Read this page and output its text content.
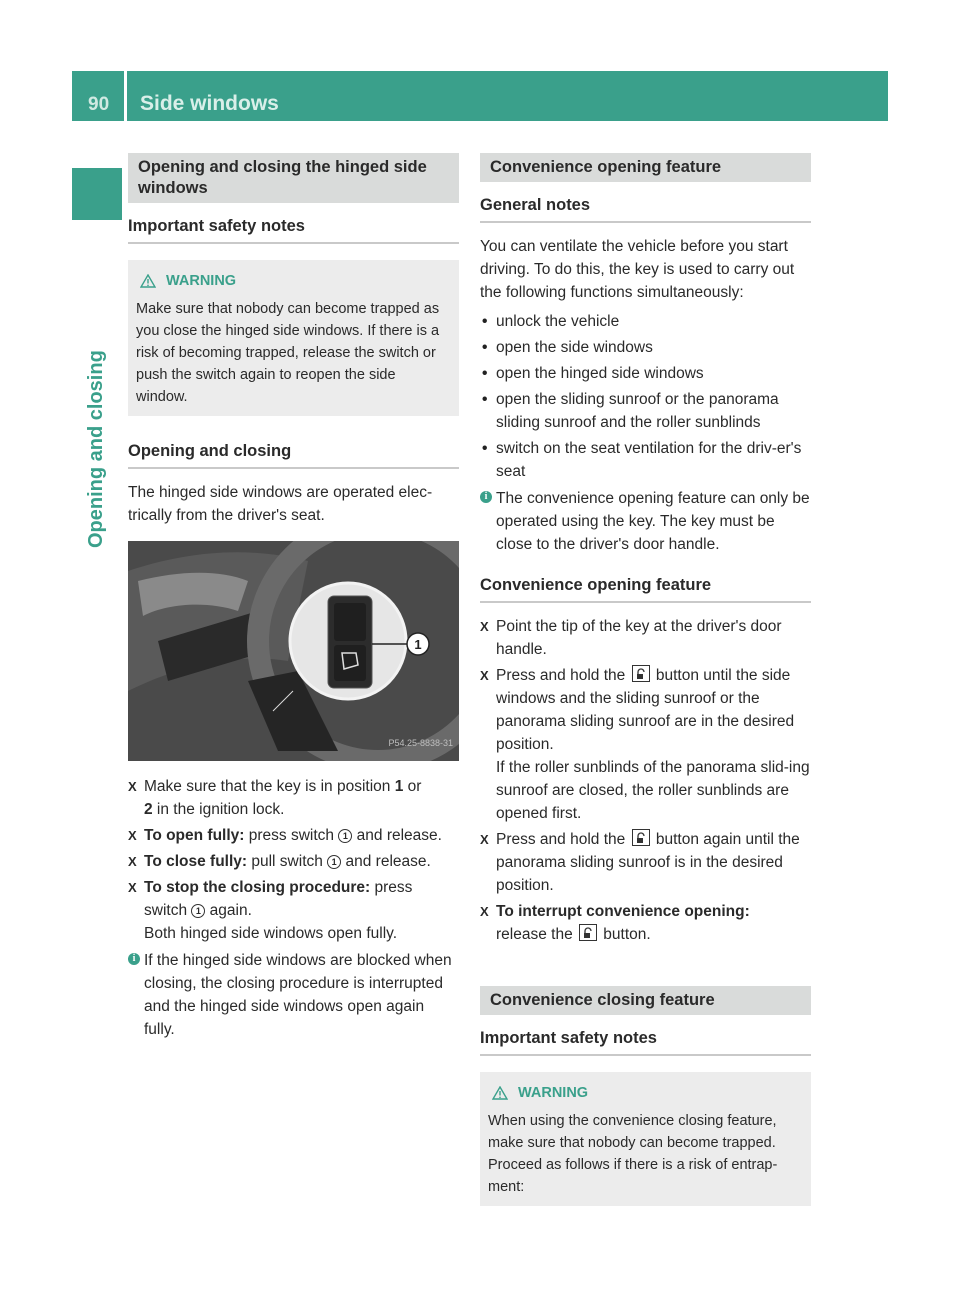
90 Side windows
Opening and closing
Opening and closing the hinged side windows
Important safety notes
WARNING

Make sure that nobody can become trapped as you close the hinged side windows. If there is a risk of becoming trapped, release the switch or push the switch again to reopen the side window.

Opening and closing

The hinged side windows are operated elec-trically from the driver's seat.

1
P54.25-8838-31
X Make sure that the key is in position 1 or
2 in the ignition lock.
X To open fully: press switch 1 and release.
X To close fully: pull switch 1 and release.
X To stop the closing procedure: press
switch 1 again.
Both hinged side windows open fully.
i If the hinged side windows are blocked when closing, the closing procedure is interrupted and the hinged side windows open again fully.
Convenience opening feature
General notes

You can ventilate the vehicle before you start driving. To do this, the key is used to carry out the following functions simultaneously:

• unlock the vehicle
• open the side windows
• open the hinged side windows
• open the sliding sunroof or the panorama sliding sunroof and the roller sunblinds
• switch on the seat ventilation for the driv-er's seat
i The convenience opening feature can only be operated using the key. The key must be close to the driver's door handle.
Convenience opening feature
X Point the tip of the key at the driver's door handle.
X Press and hold the  button until the side windows and the sliding sunroof or the panorama sliding sunroof are in the desired position.
If the roller sunblinds of the panorama slid-ing sunroof are closed, the roller sunblinds are opened first.
X Press and hold the  button again until the panorama sliding sunroof is in the desired position.
X To interrupt convenience opening:
release the  button.
Convenience closing feature
Important safety notes
WARNING

When using the convenience closing feature, make sure that nobody can become trapped. Proceed as follows if there is a risk of entrap-ment:
